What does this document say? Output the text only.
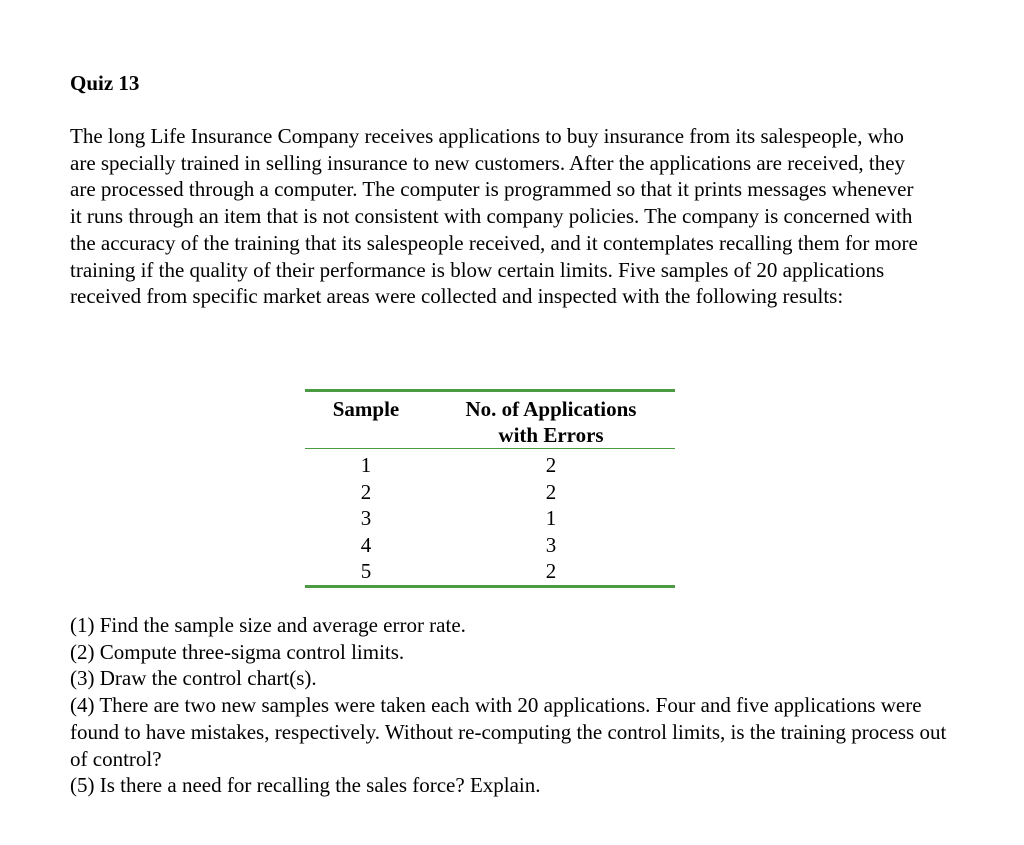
Quiz 13

The long Life Insurance Company receives applications to buy insurance from its salespeople, who are specially trained in selling insurance to new customers. After the applications are received, they are processed through a computer. The computer is programmed so that it prints messages whenever it runs through an item that is not consistent with company policies. The company is concerned with the accuracy of the training that its salespeople received, and it contemplates recalling them for more training if the quality of their performance is blow certain limits. Five samples of 20 applications received from specific market areas were collected and inspected with the following results:

Sample	No. of Applications
with Errors
1	2
2	2
3	1
4	3
5	2
(1) Find the sample size and average error rate.
(2) Compute three-sigma control limits.
(3) Draw the control chart(s).
(4) There are two new samples were taken each with 20 applications. Four and five applications were found to have mistakes, respectively. Without re-computing the control limits, is the training process out of control?
(5) Is there a need for recalling the sales force? Explain.
